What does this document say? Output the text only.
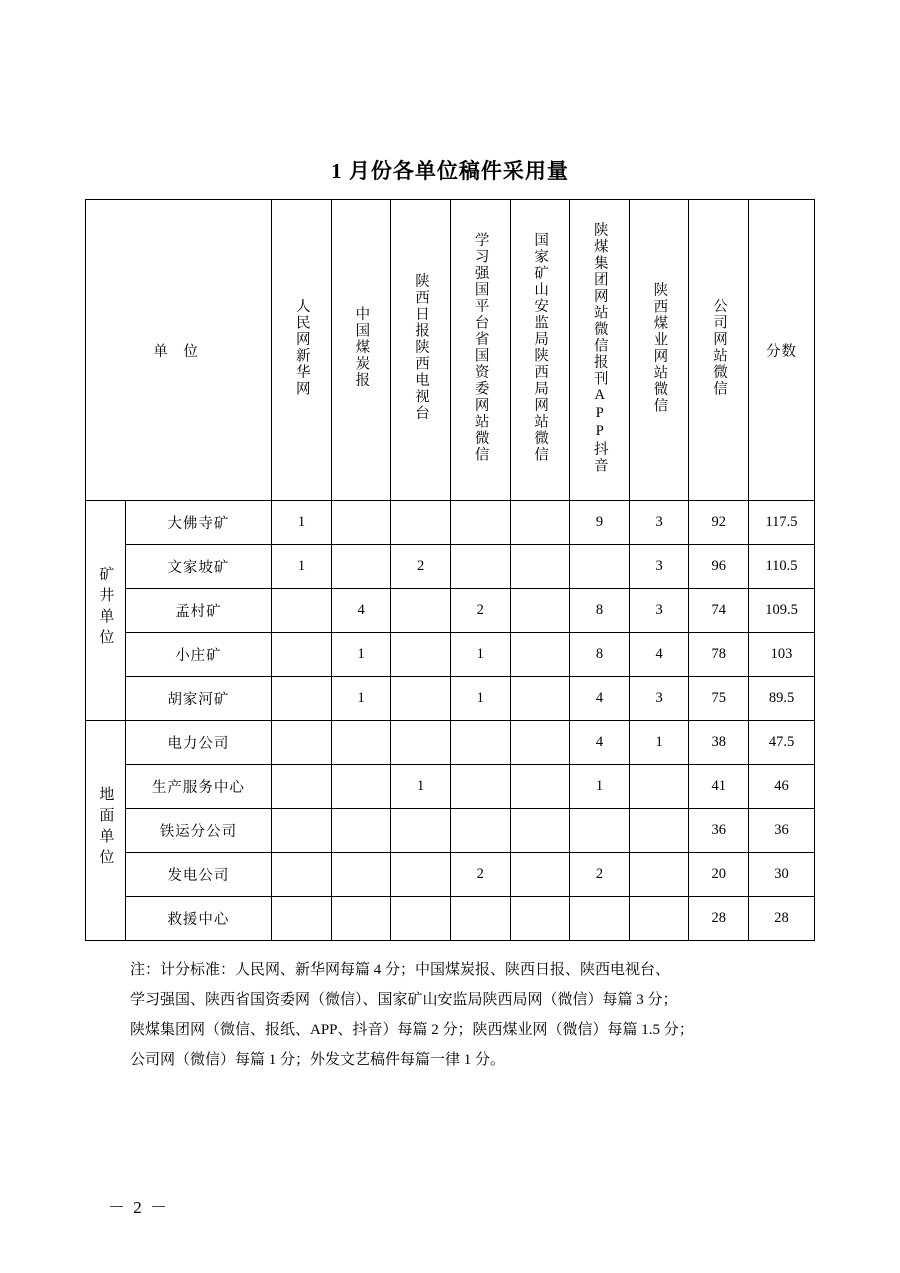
1 月份各单位稿件采用量
单 位		人民网新华网	中国煤炭报	陕西日报陕西电视台	学习强国平台省国资委网站微信	国家矿山安监局陕西局网站微信	陕煤集团网站微信报刊APP抖音	陕西煤业网站微信	公司网站微信	分数
矿井单位	大佛寺矿	1					9	3	92	117.5
	文家坡矿	1		2				3	96	110.5
	孟村矿		4		2		8	3	74	109.5
	小庄矿		1		1		8	4	78	103
	胡家河矿		1		1		4	3	75	89.5
地面单位	电力公司						4	1	38	47.5
	生产服务中心			1			1		41	46
	铁运分公司								36	36
	发电公司				2		2		20	30
	救援中心								28	28

注：计分标准：人民网、新华网每篇 4 分；中国煤炭报、陕西日报、陕西电视台、

学习强国、陕西省国资委网（微信）、国家矿山安监局陕西局网（微信）每篇 3 分；

陕煤集团网（微信、报纸、APP、抖音）每篇 2 分；陕西煤业网（微信）每篇 1.5 分；

公司网（微信）每篇 1 分；外发文艺稿件每篇一律 1 分。

－ 2 －
